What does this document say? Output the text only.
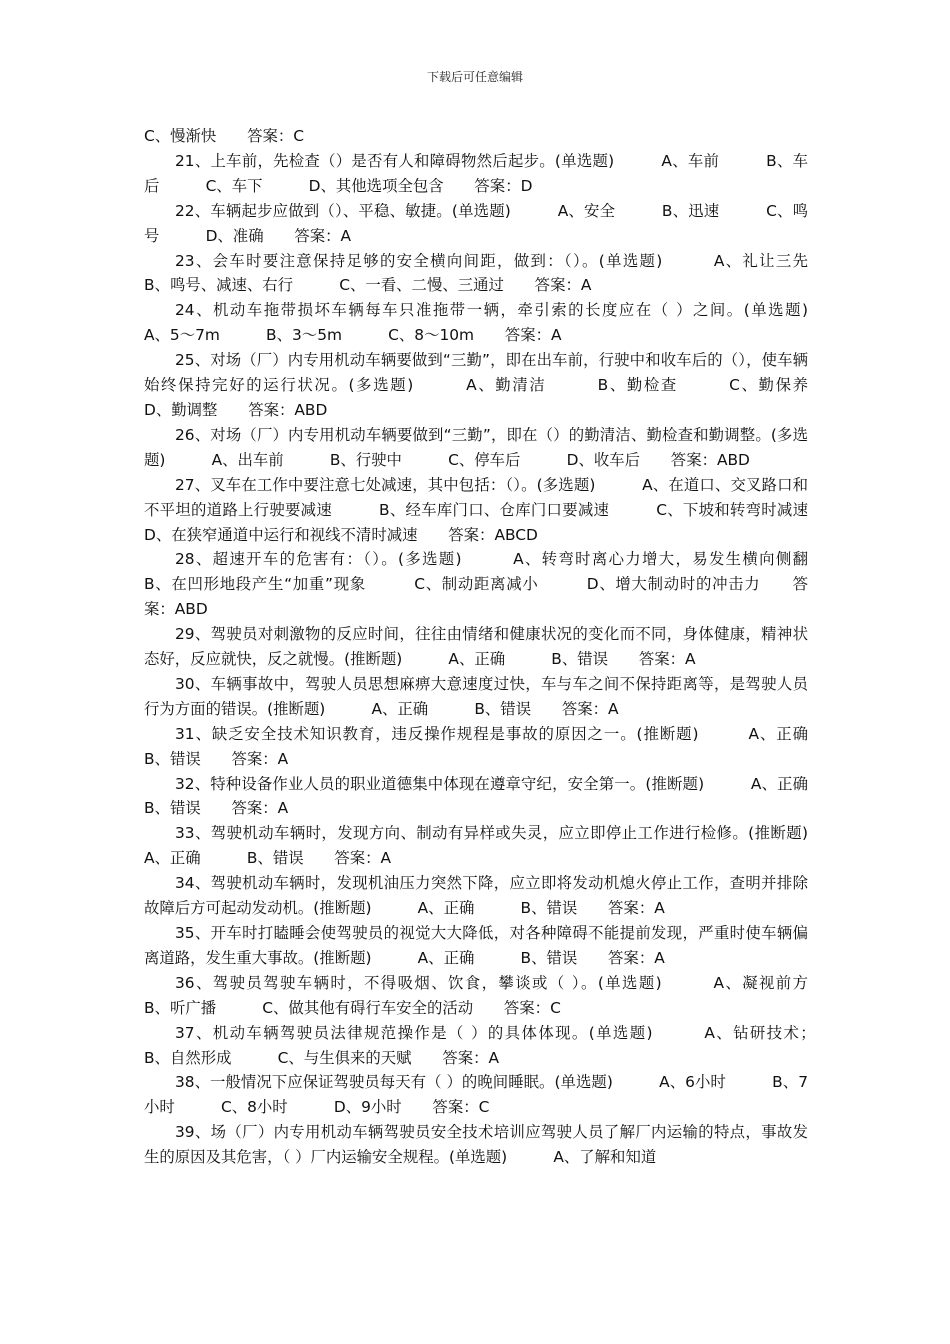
下载后可任意编辑

C、慢渐快　　答案：C

21、上车前，先检查（）是否有人和障碍物然后起步。(单选题)　　　A、车前　　　B、车后　　　C、车下　　　D、其他选项全包含　　答案：D

22、车辆起步应做到（）、平稳、敏捷。(单选题)　　　A、安全　　　B、迅速　　　C、鸣号　　　D、准确　　答案：A

23、会车时要注意保持足够的安全横向间距，做到：（）。(单选题)　　　A、礼让三先　　　B、鸣号、减速、右行　　　C、一看、二慢、三通过　　答案：A

24、机动车拖带损坏车辆每车只准拖带一辆，牵引索的长度应在（ ）之间。(单选题)　　　A、5～7m　　　B、3～5m　　　C、8～10m　　答案：A

25、对场（厂）内专用机动车辆要做到“三勤”，即在出车前，行驶中和收车后的（），使车辆始终保持完好的运行状况。(多选题)　　　A、勤清洁　　　B、勤检查　　　C、勤保养　　　D、勤调整　　答案：ABD

26、对场（厂）内专用机动车辆要做到“三勤”，即在（）的勤清洁、勤检查和勤调整。(多选题)　　　A、出车前　　　B、行驶中　　　C、停车后　　　D、收车后　　答案：ABD

27、叉车在工作中要注意七处减速，其中包括：（）。(多选题)　　　A、在道口、交叉路口和不平坦的道路上行驶要减速　　　B、经车库门口、仓库门口要减速　　　C、下坡和转弯时减速　　　D、在狭窄通道中运行和视线不清时减速　　答案：ABCD

28、超速开车的危害有：（）。(多选题)　　　A、转弯时离心力增大，易发生横向侧翻　　　B、在凹形地段产生“加重”现象　　　C、制动距离减小　　　D、增大制动时的冲击力　　答案：ABD

29、驾驶员对刺激物的反应时间，往往由情绪和健康状况的变化而不同，身体健康，精神状态好，反应就快，反之就慢。(推断题)　　　A、正确　　　B、错误　　答案：A

30、车辆事故中，驾驶人员思想麻痹大意速度过快，车与车之间不保持距离等，是驾驶人员行为方面的错误。(推断题)　　　A、正确　　　B、错误　　答案：A

31、缺乏安全技术知识教育，违反操作规程是事故的原因之一。(推断题)　　　A、正确　　　B、错误　　答案：A

32、特种设备作业人员的职业道德集中体现在遵章守纪，安全第一。(推断题)　　　A、正确　　　B、错误　　答案：A

33、驾驶机动车辆时，发现方向、制动有异样或失灵，应立即停止工作进行检修。(推断题)　　　A、正确　　　B、错误　　答案：A

34、驾驶机动车辆时，发现机油压力突然下降，应立即将发动机熄火停止工作，查明并排除故障后方可起动发动机。(推断题)　　　A、正确　　　B、错误　　答案：A

35、开车时打瞌睡会使驾驶员的视觉大大降低，对各种障碍不能提前发现，严重时使车辆偏离道路，发生重大事故。(推断题)　　　A、正确　　　B、错误　　答案：A

36、驾驶员驾驶车辆时，不得吸烟、饮食，攀谈或（ ）。(单选题)　　　A、凝视前方　　　B、听广播　　　C、做其他有碍行车安全的活动　　答案：C

37、机动车辆驾驶员法律规范操作是（ ）的具体体现。(单选题)　　　A、钻研技术；　　　B、自然形成　　　C、与生俱来的天赋　　答案：A

38、一般情况下应保证驾驶员每天有（ ）的晚间睡眠。(单选题)　　　A、6小时　　　B、7小时　　　C、8小时　　　D、9小时　　答案：C

39、场（厂）内专用机动车辆驾驶员安全技术培训应驾驶人员了解厂内运输的特点，事故发生的原因及其危害，（ ）厂内运输安全规程。(单选题)　　　A、了解和知道
